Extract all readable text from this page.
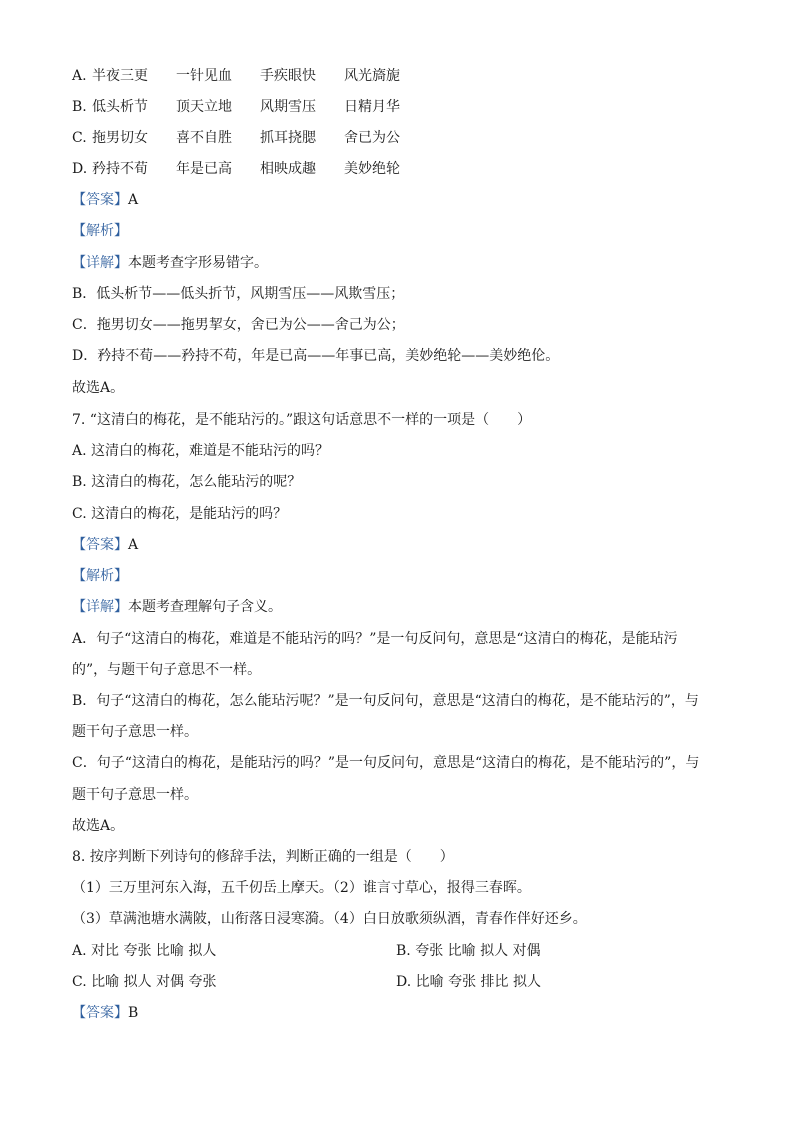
A. 半夜三更 一针见血 手疾眼快 风光旖旎
B. 低头析节 顶天立地 风期雪压 日精月华
C. 拖男切女 喜不自胜 抓耳挠腮 舍已为公
D. 矜持不荀 年是已高 相映成趣 美妙绝轮
【答案】A
【解析】
【详解】本题考查字形易错字。
B．低头析节——低头折节，风期雪压——风欺雪压；
C．拖男切女——拖男挈女，舍已为公——舍己为公；
D．矜持不荀——矜持不苟，年是已高——年事已高，美妙绝轮——美妙绝伦。
故选A。
7. “这清白的梅花，是不能玷污的。”跟这句话意思不一样的一项是（　　）
A. 这清白的梅花，难道是不能玷污的吗？
B. 这清白的梅花，怎么能玷污的呢？
C. 这清白的梅花，是能玷污的吗？
【答案】A
【解析】
【详解】本题考查理解句子含义。
A．句子“这清白的梅花，难道是不能玷污的吗？”是一句反问句，意思是“这清白的梅花，是能玷污
的”，与题干句子意思不一样。
B．句子“这清白的梅花，怎么能玷污呢？”是一句反问句，意思是“这清白的梅花，是不能玷污的”，与
题干句子意思一样。
C．句子“这清白的梅花，是能玷污的吗？”是一句反问句，意思是“这清白的梅花，是不能玷污的”，与
题干句子意思一样。
故选A。
8. 按序判断下列诗句的修辞手法，判断正确的一组是（　　）
（1）三万里河东入海，五千仞岳上摩天。（2）谁言寸草心，报得三春晖。
（3）草满池塘水满陂，山衔落日浸寒漪。（4）白日放歌须纵酒，青春作伴好还乡。
A. 对比 夸张 比喻 拟人	B. 夸张 比喻 拟人 对偶
C. 比喻 拟人 对偶 夸张	D. 比喻 夸张 排比 拟人
【答案】B
